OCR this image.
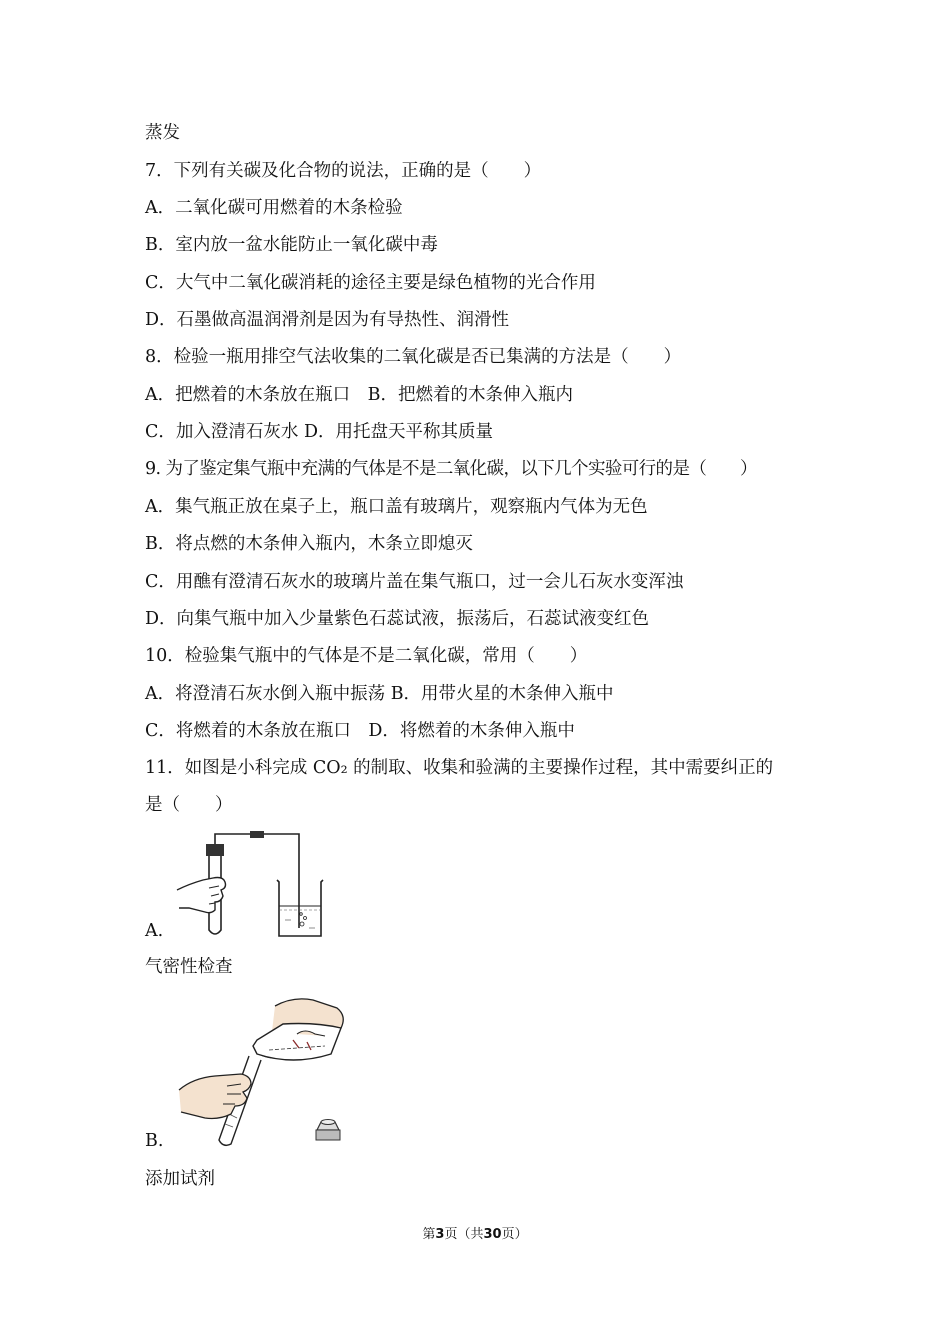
蒸发
7．下列有关碳及化合物的说法，正确的是（　　）
A．二氧化碳可用燃着的木条检验
B．室内放一盆水能防止一氧化碳中毒
C．大气中二氧化碳消耗的途径主要是绿色植物的光合作用
D．石墨做高温润滑剂是因为有导热性、润滑性
8．检验一瓶用排空气法收集的二氧化碳是否已集满的方法是（　　）
A．把燃着的木条放在瓶口　B．把燃着的木条伸入瓶内
C．加入澄清石灰水 D．用托盘天平称其质量
9. 为了鉴定集气瓶中充满的气体是不是二氧化碳，以下几个实验可行的是（　　）
A．集气瓶正放在桌子上，瓶口盖有玻璃片，观察瓶内气体为无色
B．将点燃的木条伸入瓶内，木条立即熄灭
C．用醮有澄清石灰水的玻璃片盖在集气瓶口，过一会儿石灰水变浑浊
D．向集气瓶中加入少量紫色石蕊试液，振荡后，石蕊试液变红色
10．检验集气瓶中的气体是不是二氧化碳，常用（　　）
A．将澄清石灰水倒入瓶中振荡 B．用带火星的木条伸入瓶中
C．将燃着的木条放在瓶口　D．将燃着的木条伸入瓶中
11．如图是小科完成 CO₂ 的制取、收集和验满的主要操作过程，其中需要纠正的
是（　　）
A.
气密性检查
B.
添加试剂
第3页（共30页）
